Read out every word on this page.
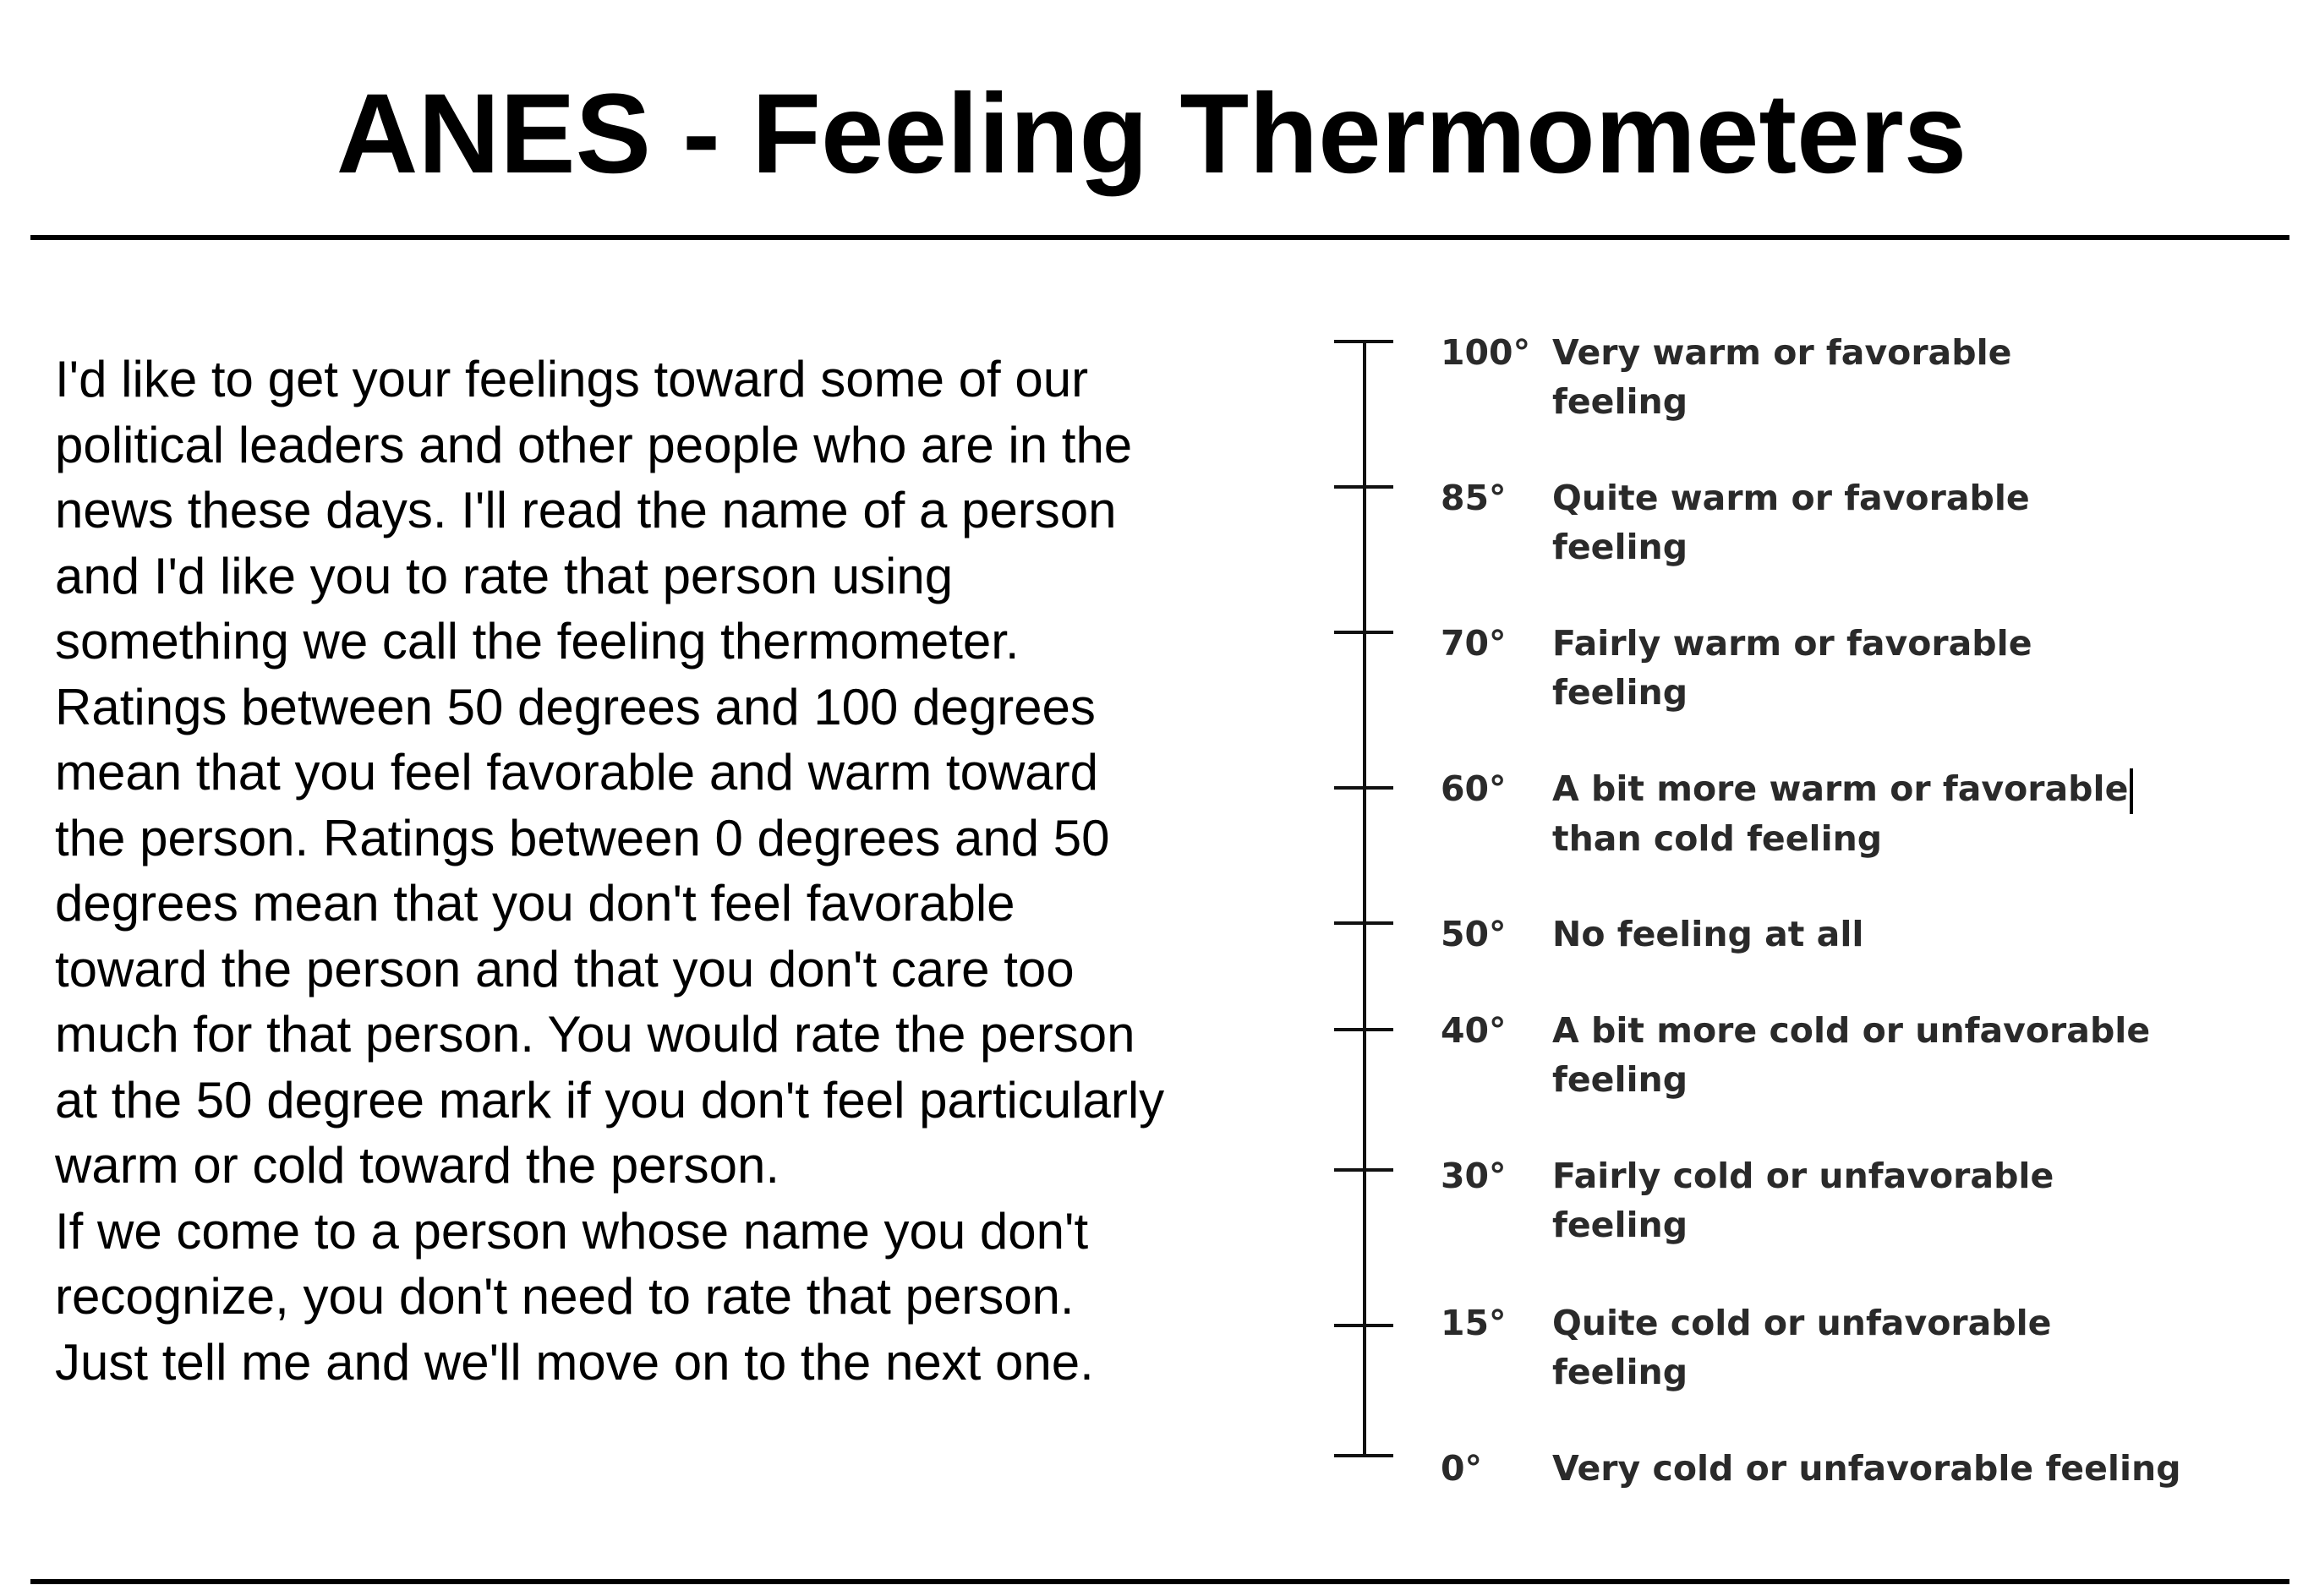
ANES - Feeling Thermometers
I'd like to get your feelings toward some of our
political leaders and other people who are in the
news these days. I'll read the name of a person
and I'd like you to rate that person using
something we call the feeling thermometer.
Ratings between 50 degrees and 100 degrees
mean that you feel favorable and warm toward
the person. Ratings between 0 degrees and 50
degrees mean that you don't feel favorable
toward the person and that you don't care too
much for that person. You would rate the person
at the 50 degree mark if you don't feel particularly
warm or cold toward the person.
If we come to a person whose name you don't
recognize, you don't need to rate that person.
Just tell me and we'll move on to the next one.
100° Very warm or favorable
feeling
85° Quite warm or favorable
feeling
70° Fairly warm or favorable
feeling
60° A bit more warm or favorable
than cold feeling
50° No feeling at all
40° A bit more cold or unfavorable
feeling
30° Fairly cold or unfavorable
feeling
15° Quite cold or unfavorable
feeling
0° Very cold or unfavorable feeling
